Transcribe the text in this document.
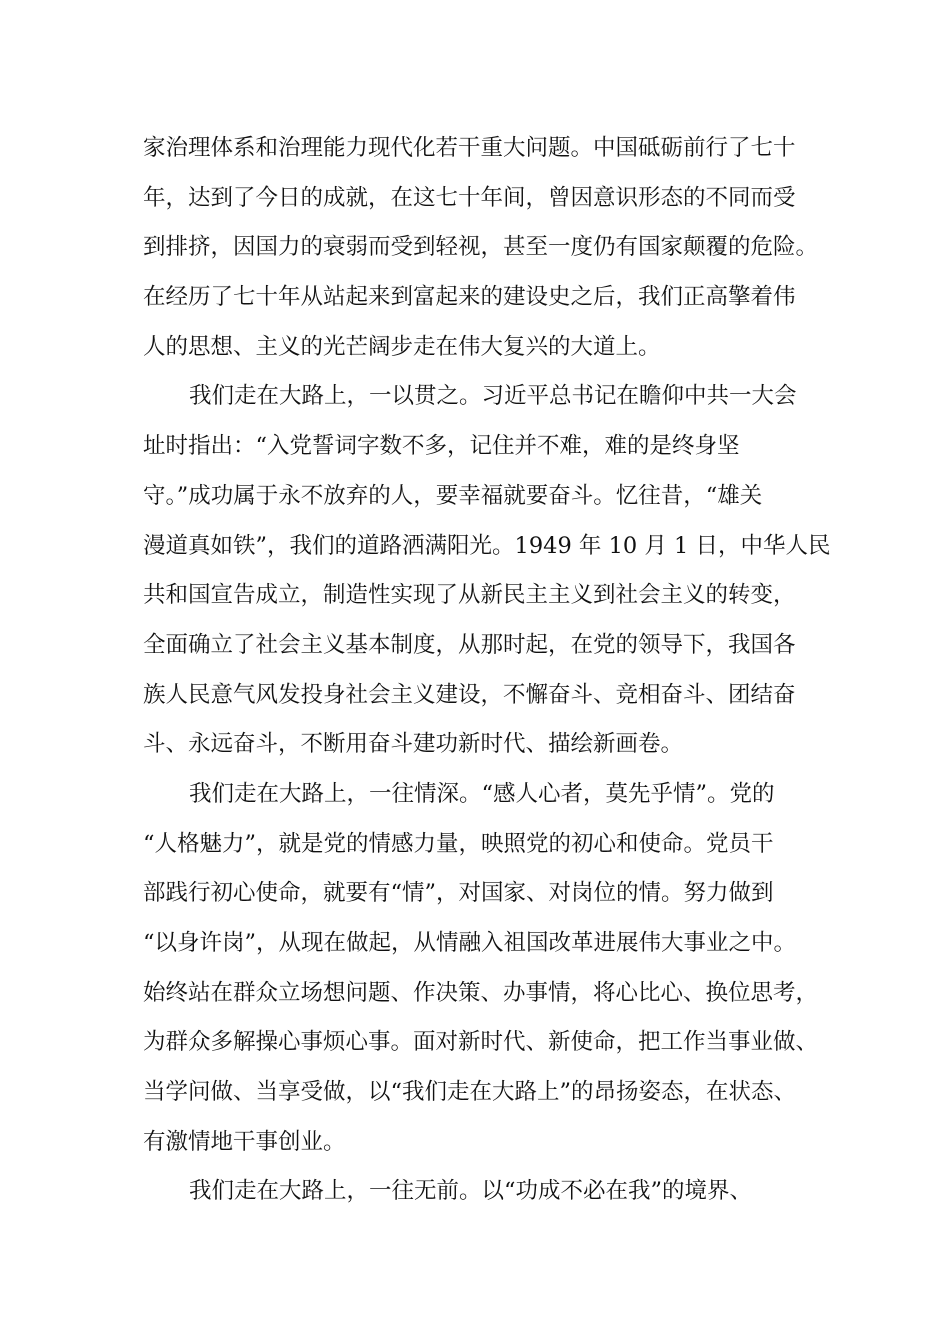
家治理体系和治理能力现代化若干重大问题。中国砥砺前行了七十
年，达到了今日的成就，在这七十年间，曾因意识形态的不同而受
到排挤，因国力的衰弱而受到轻视，甚至一度仍有国家颠覆的危险。
在经历了七十年从站起来到富起来的建设史之后，我们正高擎着伟
人的思想、主义的光芒阔步走在伟大复兴的大道上。
我们走在大路上，一以贯之。习近平总书记在瞻仰中共一大会
址时指出：“入党誓词字数不多，记住并不难，难的是终身坚
守。”成功属于永不放弃的人，要幸福就要奋斗。忆往昔，“雄关
漫道真如铁”，我们的道路洒满阳光。1949 年 10 月 1 日，中华人民
共和国宣告成立，制造性实现了从新民主主义到社会主义的转变，
全面确立了社会主义基本制度，从那时起，在党的领导下，我国各
族人民意气风发投身社会主义建设，不懈奋斗、竞相奋斗、团结奋
斗、永远奋斗，不断用奋斗建功新时代、描绘新画卷。
我们走在大路上，一往情深。“感人心者，莫先乎情”。党的
“人格魅力”，就是党的情感力量，映照党的初心和使命。党员干
部践行初心使命，就要有“情”，对国家、对岗位的情。努力做到
“以身许岗”，从现在做起，从情融入祖国改革进展伟大事业之中。
始终站在群众立场想问题、作决策、办事情，将心比心、换位思考，
为群众多解操心事烦心事。面对新时代、新使命，把工作当事业做、
当学问做、当享受做，以“我们走在大路上”的昂扬姿态，在状态、
有激情地干事创业。
我们走在大路上，一往无前。以“功成不必在我”的境界、
